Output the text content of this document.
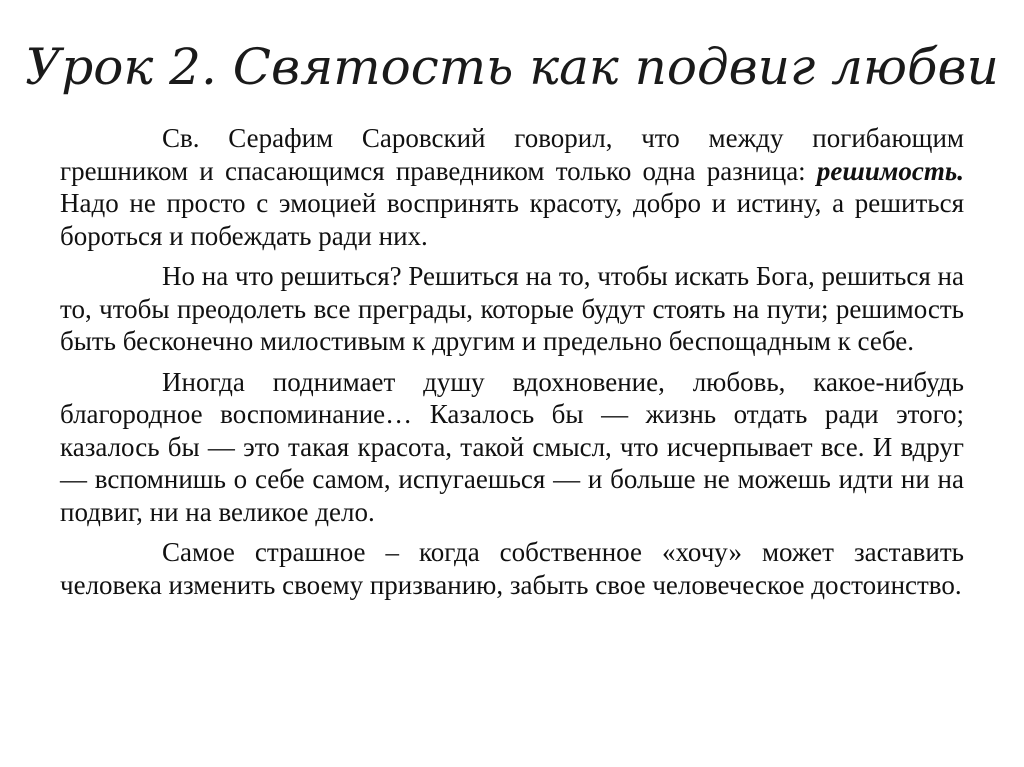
Урок 2. Святость как подвиг любви

Св. Серафим Саровский говорил, что между погибающим грешником и спасающимся праведником только одна разница: решимость. Надо не просто с эмоцией воспринять красоту, добро и истину, а решиться бороться и побеждать ради них.

Но на что решиться? Решиться на то, чтобы искать Бога, решиться на то, чтобы преодолеть все преграды, которые будут стоять на пути; решимость быть бесконечно милостивым к другим и предельно беспощадным к себе.

Иногда поднимает душу вдохновение, любовь, какое-нибудь благородное воспоминание… Казалось бы — жизнь отдать ради этого; казалось бы — это такая красота, такой смысл, что исчерпывает все. И вдруг — вспомнишь о себе самом, испугаешься — и больше не можешь идти ни на подвиг, ни на великое дело.

Самое страшное – когда собственное «хочу» может заставить человека изменить своему призванию, забыть свое человеческое достоинство.
